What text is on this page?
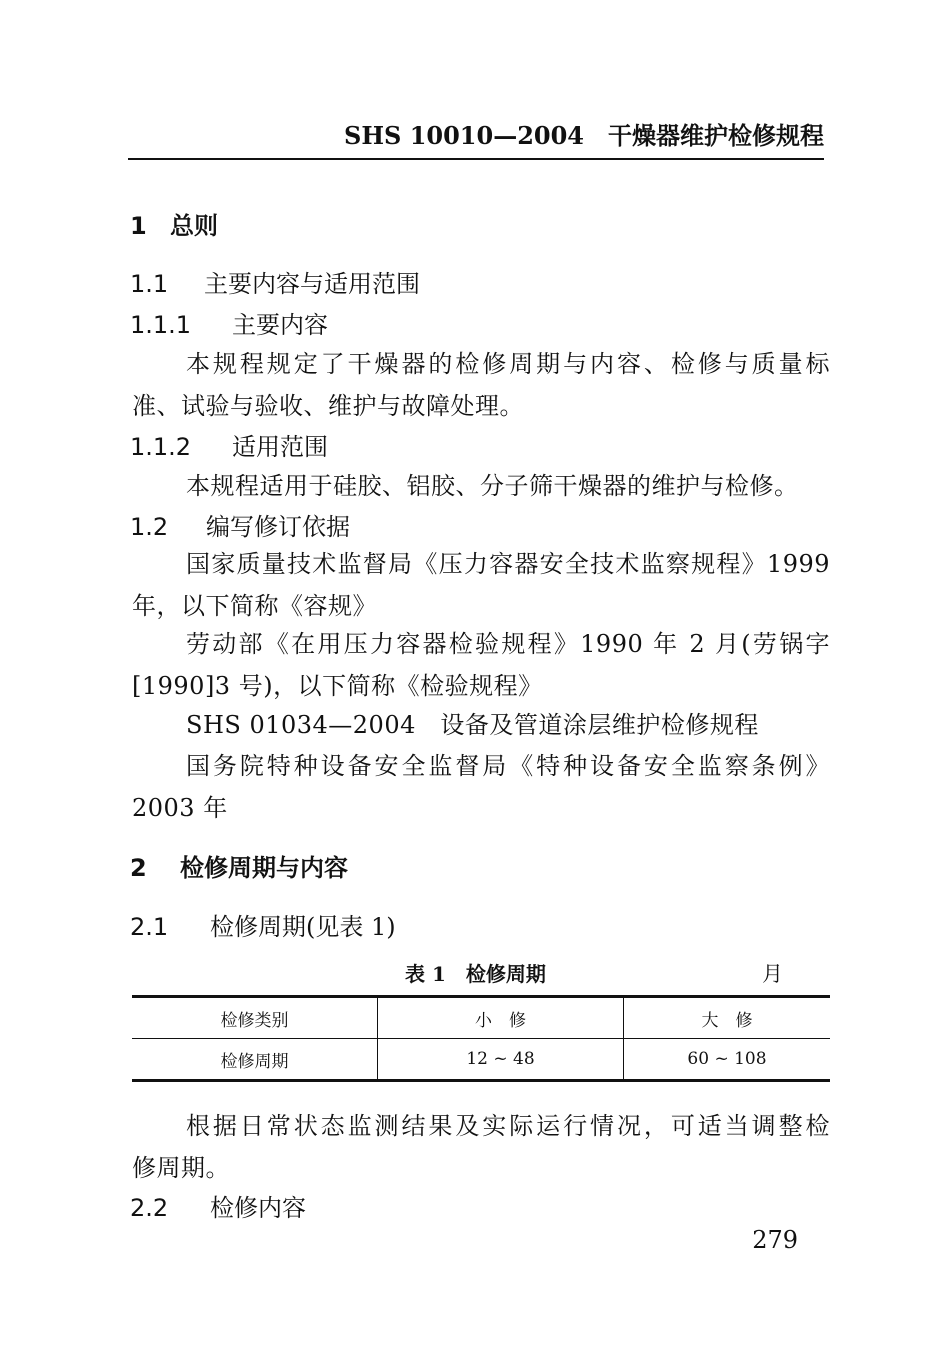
SHS 10010—2004　干燥器维护检修规程
1 总则
1.1 主要内容与适用范围
1.1.1 主要内容
本规程规定了干燥器的检修周期与内容、检修与质量标
准、试验与验收、维护与故障处理。
1.1.2 适用范围
本规程适用于硅胶、铝胶、分子筛干燥器的维护与检修。
1.2 编写修订依据
国家质量技术监督局《压力容器安全技术监察规程》1999
年，以下简称《容规》
劳动部《在用压力容器检验规程》1990 年 2 月(劳锅字
[1990]3 号)，以下简称《检验规程》
SHS 01034—2004　设备及管道涂层维护检修规程
国务院特种设备安全监督局《特种设备安全监察条例》
2003 年
2 检修周期与内容
2.1 检修周期(见表 1)
表 1　检修周期	月
检修类别	小　修	大　修
检修周期	12 ~ 48	60 ~ 108
根据日常状态监测结果及实际运行情况，可适当调整检
修周期。
2.2 检修内容
279
